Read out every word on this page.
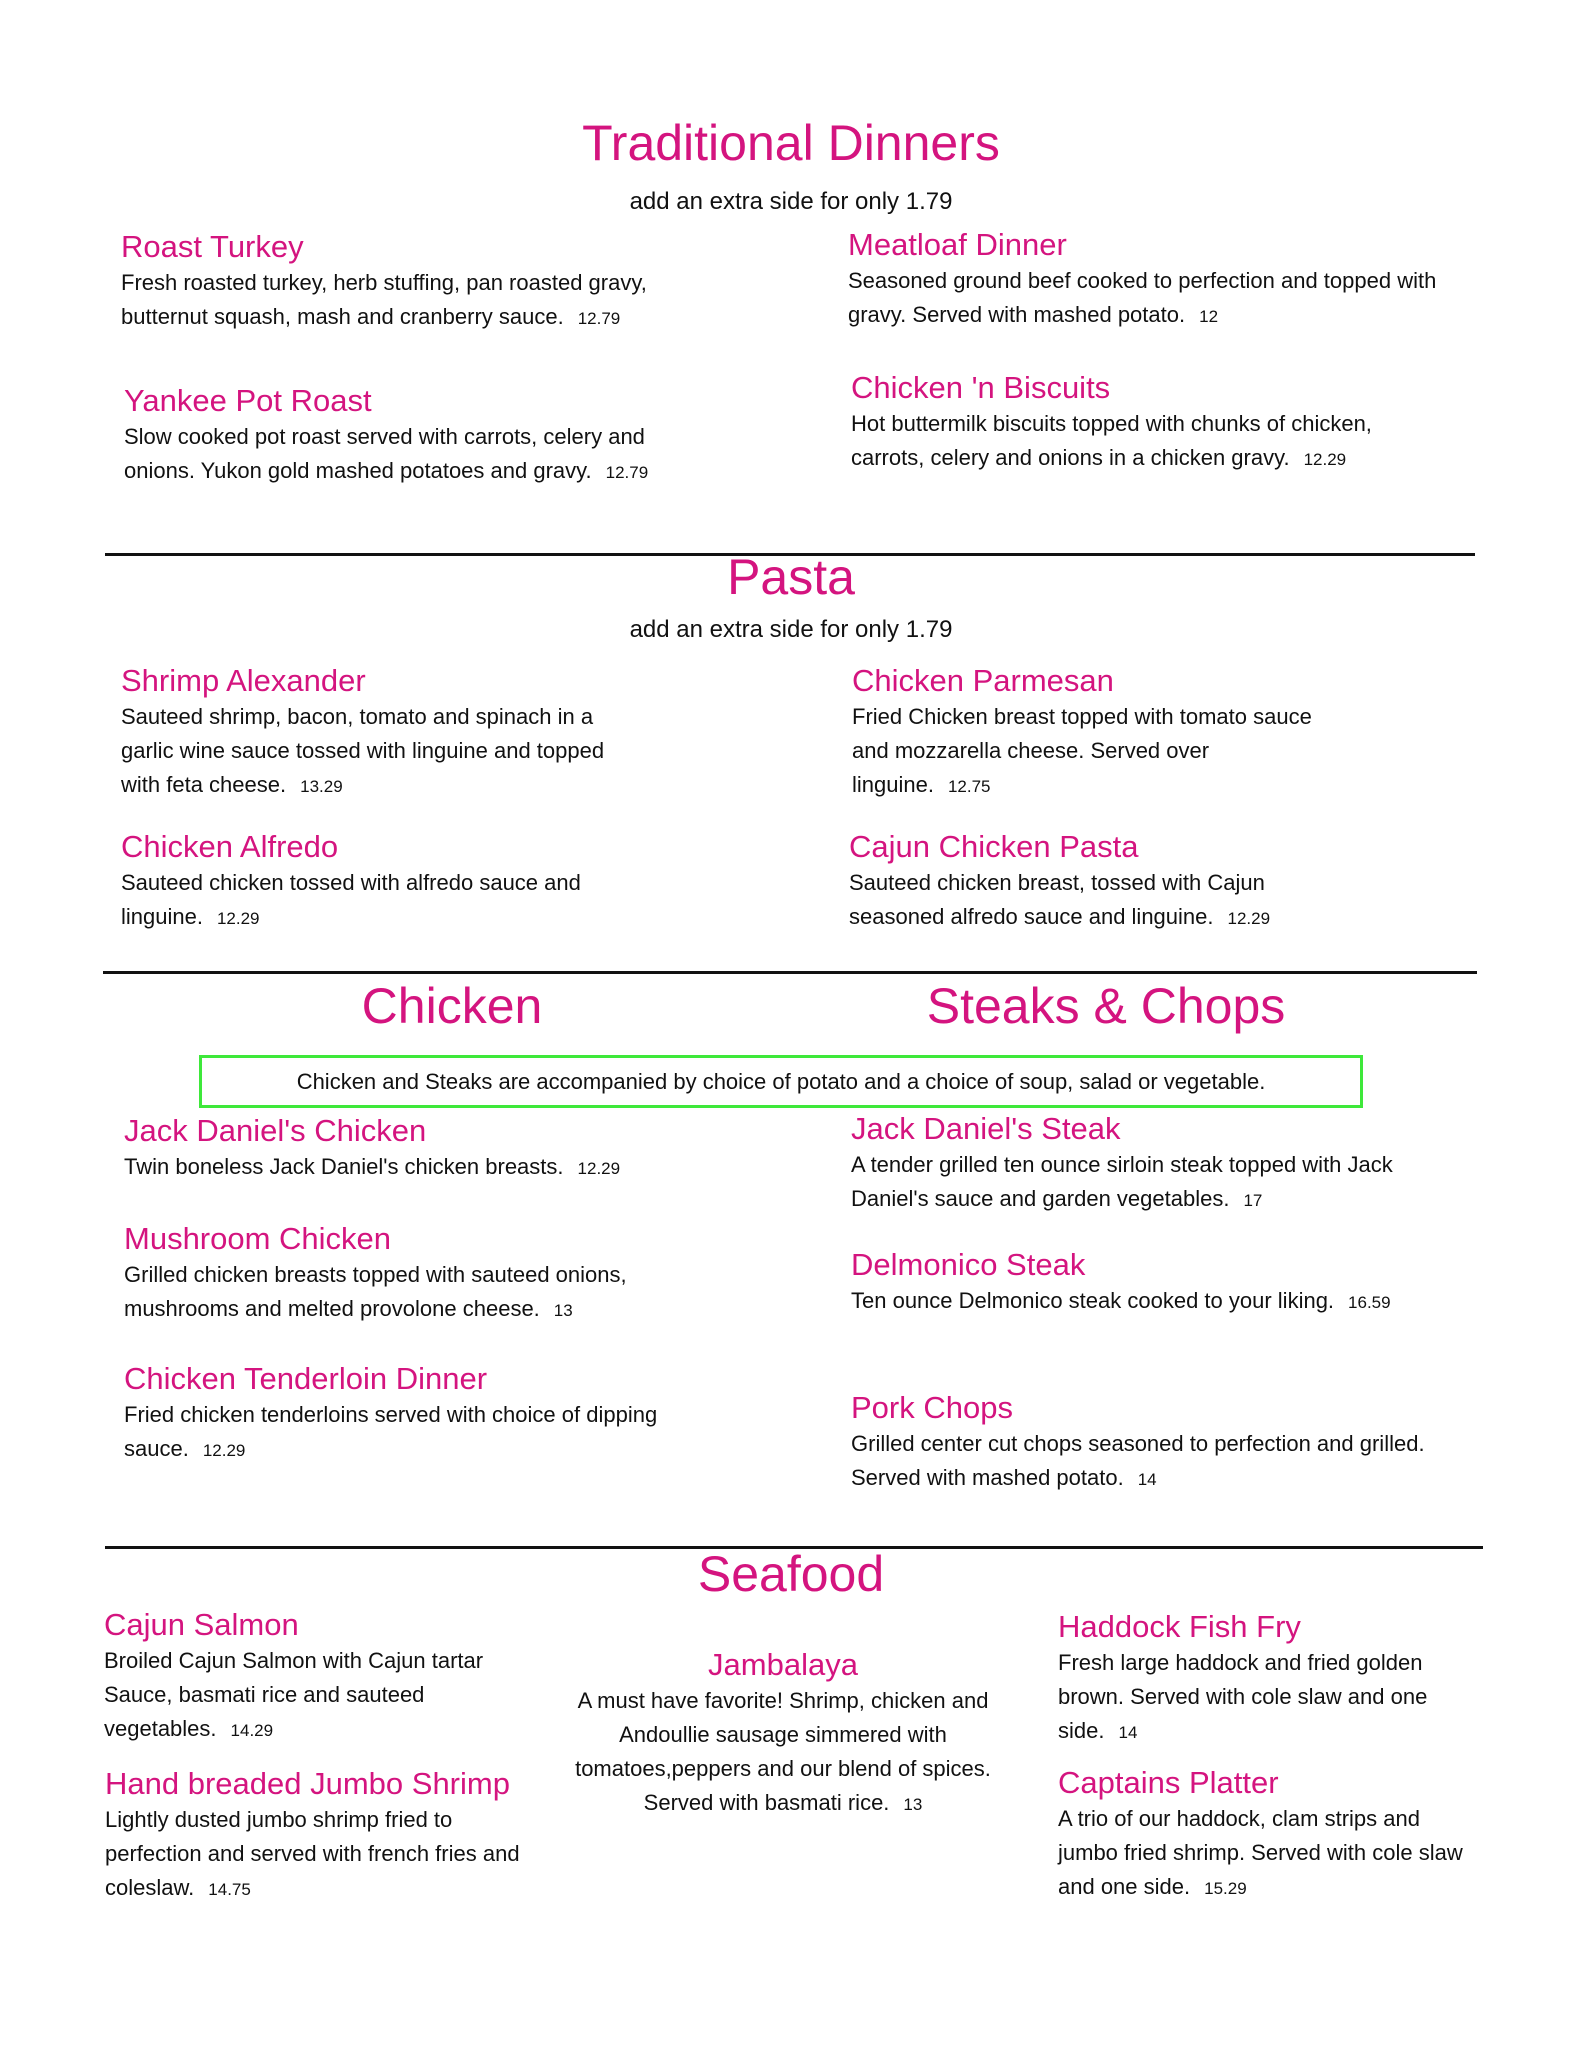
Traditional Dinners
add an extra side for only 1.79
Roast Turkey
Fresh roasted turkey, herb stuffing, pan roasted gravy, butternut squash, mash and cranberry sauce. 12.79
Meatloaf Dinner
Seasoned ground beef cooked to perfection and topped with gravy. Served with mashed potato. 12
Yankee Pot Roast
Slow cooked pot roast served with carrots, celery and onions. Yukon gold mashed potatoes and gravy. 12.79
Chicken 'n Biscuits
Hot buttermilk biscuits topped with chunks of chicken, carrots, celery and onions in a chicken gravy. 12.29
Pasta
add an extra side for only 1.79
Shrimp Alexander
Sauteed shrimp, bacon, tomato and spinach in a garlic wine sauce tossed with linguine and topped with feta cheese. 13.29
Chicken Parmesan
Fried Chicken breast topped with tomato sauce and mozzarella cheese. Served over linguine. 12.75
Chicken Alfredo
Sauteed chicken tossed with alfredo sauce and linguine. 12.29
Cajun Chicken Pasta
Sauteed chicken breast, tossed with Cajun seasoned alfredo sauce and linguine. 12.29
Chicken	Steaks & Chops
Chicken and Steaks are accompanied by choice of potato and a choice of soup, salad or vegetable.
Jack Daniel's Chicken
Twin boneless Jack Daniel's chicken breasts. 12.29
Mushroom Chicken
Grilled chicken breasts topped with sauteed onions, mushrooms and melted provolone cheese. 13
Chicken Tenderloin Dinner
Fried chicken tenderloins served with choice of dipping sauce. 12.29
Jack Daniel's Steak
A tender grilled ten ounce sirloin steak topped with Jack Daniel's sauce and garden vegetables. 17
Delmonico Steak
Ten ounce Delmonico steak cooked to your liking. 16.59
Pork Chops
Grilled center cut chops seasoned to perfection and grilled. Served with mashed potato. 14
Seafood
Cajun Salmon
Broiled Cajun Salmon with Cajun tartar Sauce, basmati rice and sauteed vegetables. 14.29
Jambalaya
A must have favorite! Shrimp, chicken and Andoullie sausage simmered with tomatoes,peppers and our blend of spices. Served with basmati rice. 13
Haddock Fish Fry
Fresh large haddock and fried golden brown. Served with cole slaw and one side. 14
Hand breaded Jumbo Shrimp
Lightly dusted jumbo shrimp fried to perfection and served with french fries and coleslaw. 14.75
Captains Platter
A trio of our haddock, clam strips and jumbo fried shrimp. Served with cole slaw and one side. 15.29
